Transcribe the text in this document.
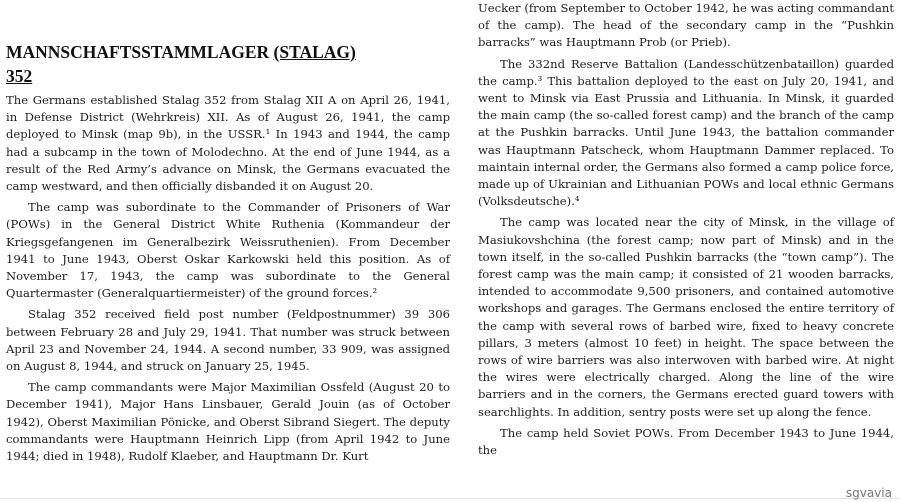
MANNSCHAFTSSTAMMLAGER (STALAG)
352

The Germans established Stalag 352 from Stalag XII A on April 26, 1941, in Defense District (Wehrkreis) XII. As of August 26, 1941, the camp deployed to Minsk (map 9b), in the USSR.¹ In 1943 and 1944, the camp had a subcamp in the town of Molodechno. At the end of June 1944, as a result of the Red Army’s advance on Minsk, the Germans evacuated the camp westward, and then officially disbanded it on August 20.

The camp was subordinate to the Commander of Prisoners of War (POWs) in the General District White Ruthenia (Kommandeur der Kriegsgefangenen im Generalbezirk Weissruthenien). From December 1941 to June 1943, Oberst Oskar Karkowski held this position. As of November 17, 1943, the camp was subordinate to the General Quartermaster (Generalquartiermeister) of the ground forces.²

Stalag 352 received field post number (Feldpostnummer) 39 306 between February 28 and July 29, 1941. That number was struck between April 23 and November 24, 1944. A second number, 33 909, was assigned on August 8, 1944, and struck on January 25, 1945.

The camp commandants were Major Maximilian Ossfeld (August 20 to December 1941), Major Hans Linsbauer, Gerald Jouin (as of October 1942), Oberst Maximilian Pönicke, and Oberst Sibrand Siegert. The deputy commandants were Hauptmann Heinrich Lipp (from April 1942 to June 1944; died in 1948), Rudolf Klaeber, and Hauptmann Dr. Kurt

Uecker (from September to October 1942, he was acting commandant of the camp). The head of the secondary camp in the “Pushkin barracks” was Hauptmann Prob (or Prieb).

The 332nd Reserve Battalion (Landesschützenbataillon) guarded the camp.³ This battalion deployed to the east on July 20, 1941, and went to Minsk via East Prussia and Lithuania. In Minsk, it guarded the main camp (the so-called forest camp) and the branch of the camp at the Pushkin barracks. Until June 1943, the battalion commander was Hauptmann Patscheck, whom Hauptmann Dammer replaced. To maintain internal order, the Germans also formed a camp police force, made up of Ukrainian and Lithuanian POWs and local ethnic Germans (Volksdeutsche).⁴

The camp was located near the city of Minsk, in the village of Masiukovshchina (the forest camp; now part of Minsk) and in the town itself, in the so-called Pushkin barracks (the “town camp”). The forest camp was the main camp; it consisted of 21 wooden barracks, intended to accommodate 9,500 prisoners, and contained automotive workshops and garages. The Germans enclosed the entire territory of the camp with several rows of barbed wire, fixed to heavy concrete pillars, 3 meters (almost 10 feet) in height. The space between the rows of wire barriers was also interwoven with barbed wire. At night the wires were electrically charged. Along the line of the wire barriers and in the corners, the Germans erected guard towers with searchlights. In addition, sentry posts were set up along the fence.

The camp held Soviet POWs. From December 1943 to June 1944, the

sgvavia
